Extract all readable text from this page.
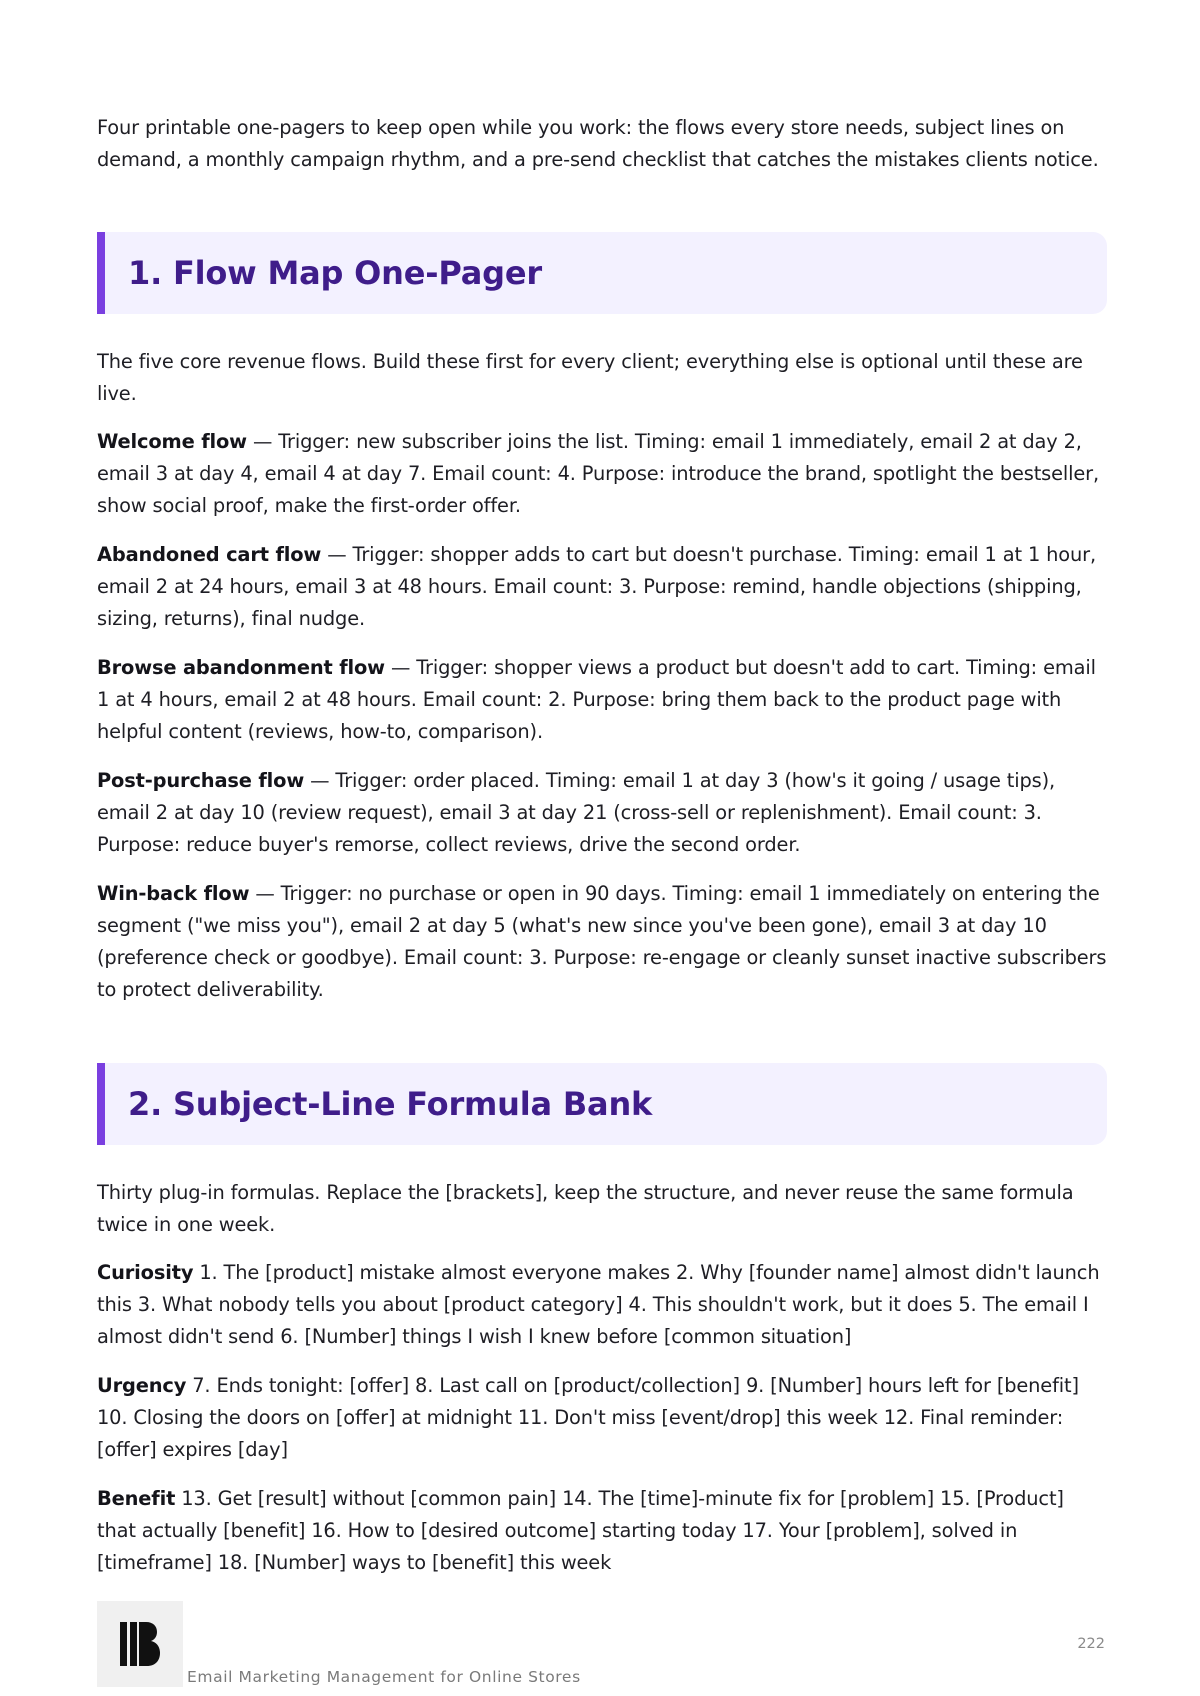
Four printable one-pagers to keep open while you work: the flows every store needs, subject lines on demand, a monthly campaign rhythm, and a pre-send checklist that catches the mistakes clients notice.

1. Flow Map One-Pager

The five core revenue flows. Build these first for every client; everything else is optional until these are live.

Welcome flow — Trigger: new subscriber joins the list. Timing: email 1 immediately, email 2 at day 2, email 3 at day 4, email 4 at day 7. Email count: 4. Purpose: introduce the brand, spotlight the bestseller, show social proof, make the first-order offer.

Abandoned cart flow — Trigger: shopper adds to cart but doesn't purchase. Timing: email 1 at 1 hour, email 2 at 24 hours, email 3 at 48 hours. Email count: 3. Purpose: remind, handle objections (shipping, sizing, returns), final nudge.

Browse abandonment flow — Trigger: shopper views a product but doesn't add to cart. Timing: email 1 at 4 hours, email 2 at 48 hours. Email count: 2. Purpose: bring them back to the product page with helpful content (reviews, how-to, comparison).

Post-purchase flow — Trigger: order placed. Timing: email 1 at day 3 (how's it going / usage tips), email 2 at day 10 (review request), email 3 at day 21 (cross-sell or replenishment). Email count: 3. Purpose: reduce buyer's remorse, collect reviews, drive the second order.

Win-back flow — Trigger: no purchase or open in 90 days. Timing: email 1 immediately on entering the segment ("we miss you"), email 2 at day 5 (what's new since you've been gone), email 3 at day 10 (preference check or goodbye). Email count: 3. Purpose: re-engage or cleanly sunset inactive subscribers to protect deliverability.

2. Subject-Line Formula Bank

Thirty plug-in formulas. Replace the [brackets], keep the structure, and never reuse the same formula twice in one week.

Curiosity 1. The [product] mistake almost everyone makes 2. Why [founder name] almost didn't launch this 3. What nobody tells you about [product category] 4. This shouldn't work, but it does 5. The email I almost didn't send 6. [Number] things I wish I knew before [common situation]

Urgency 7. Ends tonight: [offer] 8. Last call on [product/collection] 9. [Number] hours left for [benefit] 10. Closing the doors on [offer] at midnight 11. Don't miss [event/drop] this week 12. Final reminder: [offer] expires [day]

Benefit 13. Get [result] without [common pain] 14. The [time]-minute fix for [problem] 15. [Product] that actually [benefit] 16. How to [desired outcome] starting today 17. Your [problem], solved in [timeframe] 18. [Number] ways to [benefit] this week

Email Marketing Management for Online Stores
222
